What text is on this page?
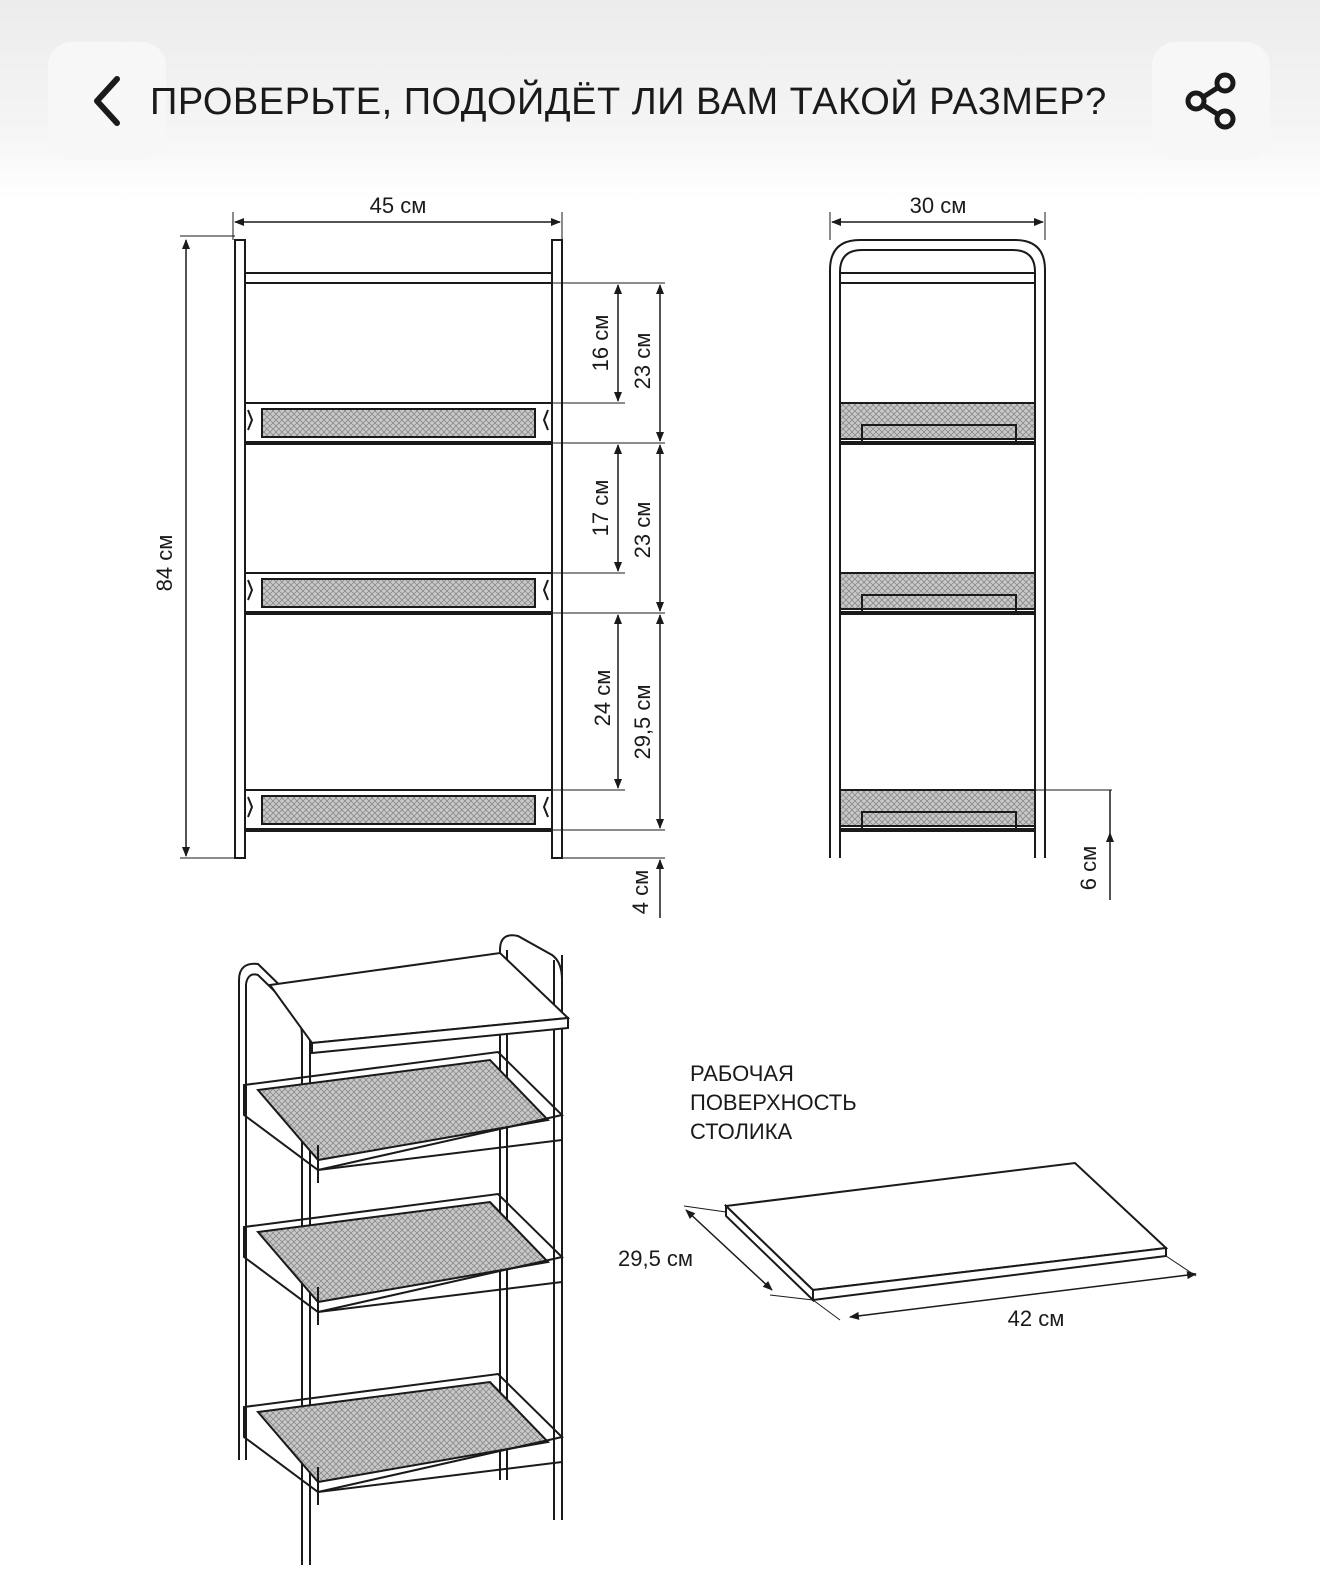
ПРОВЕРЬТЕ, ПОДОЙДЁТ ЛИ ВАМ ТАКОЙ РАЗМЕР?
45 см
84 см
16 см 23 см
17 см 23 см
24 см 29,5 см
4 см
30 см
6 см
РАБОЧАЯ
ПОВЕРХНОСТЬ
СТОЛИКА
29,5 см
42 см
